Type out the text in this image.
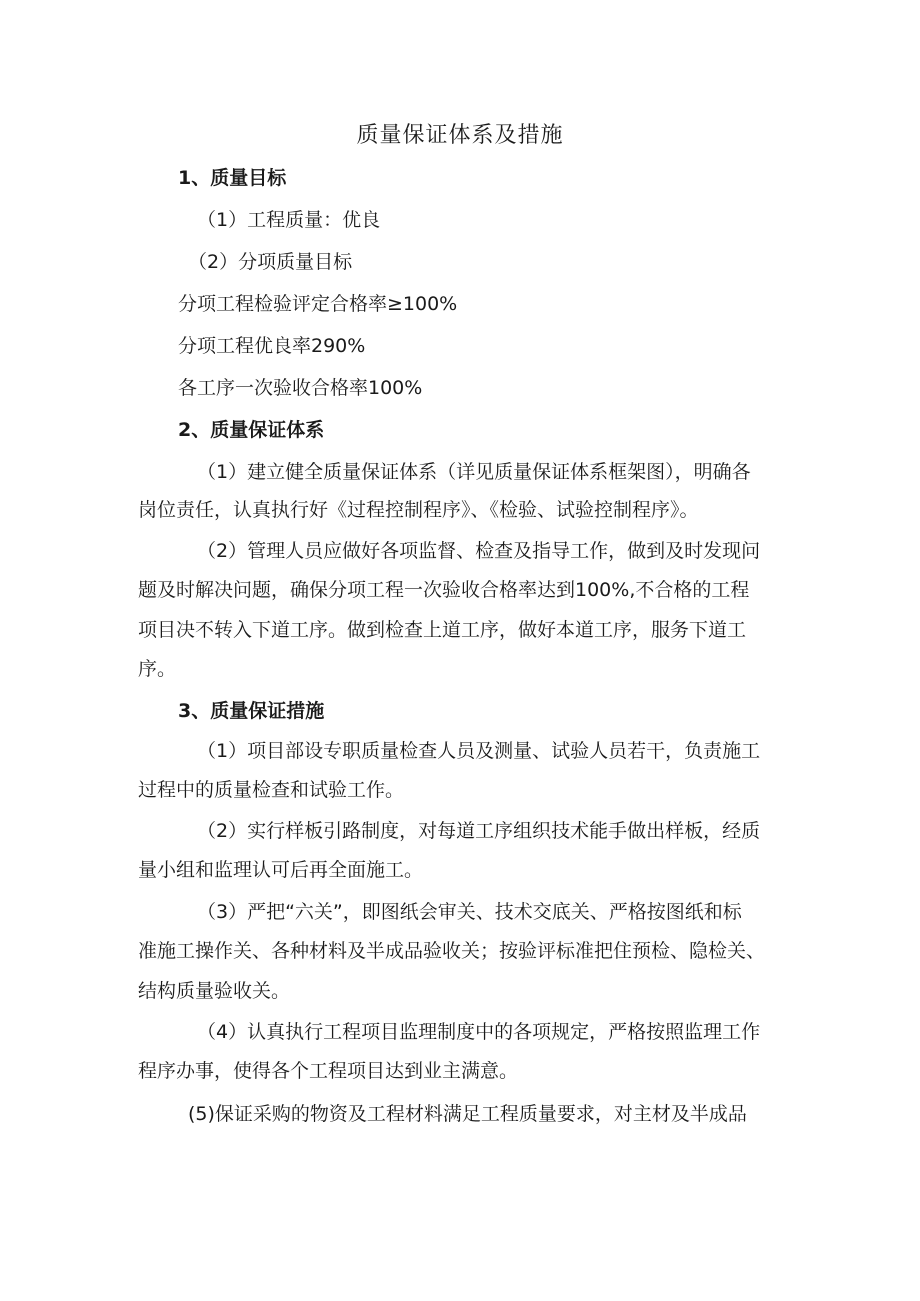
质量保证体系及措施
1、质量目标
（1）工程质量：优良
（2）分项质量目标
分项工程检验评定合格率≥100%
分项工程优良率290%
各工序一次验收合格率100%
2、质量保证体系
（1）建立健全质量保证体系（详见质量保证体系框架图），明确各
岗位责任，认真执行好《过程控制程序》、《检验、试验控制程序》。
（2）管理人员应做好各项监督、检查及指导工作，做到及时发现问
题及时解决问题，确保分项工程一次验收合格率达到100%,不合格的工程
项目决不转入下道工序。做到检查上道工序，做好本道工序，服务下道工
序。
3、质量保证措施
（1）项目部设专职质量检查人员及测量、试验人员若干，负责施工
过程中的质量检查和试验工作。
（2）实行样板引路制度，对每道工序组织技术能手做出样板，经质
量小组和监理认可后再全面施工。
（3）严把“六关”，即图纸会审关、技术交底关、严格按图纸和标
准施工操作关、各种材料及半成品验收关；按验评标准把住预检、隐检关、
结构质量验收关。
（4）认真执行工程项目监理制度中的各项规定，严格按照监理工作
程序办事，使得各个工程项目达到业主满意。
(5)保证采购的物资及工程材料满足工程质量要求，对主材及半成品
